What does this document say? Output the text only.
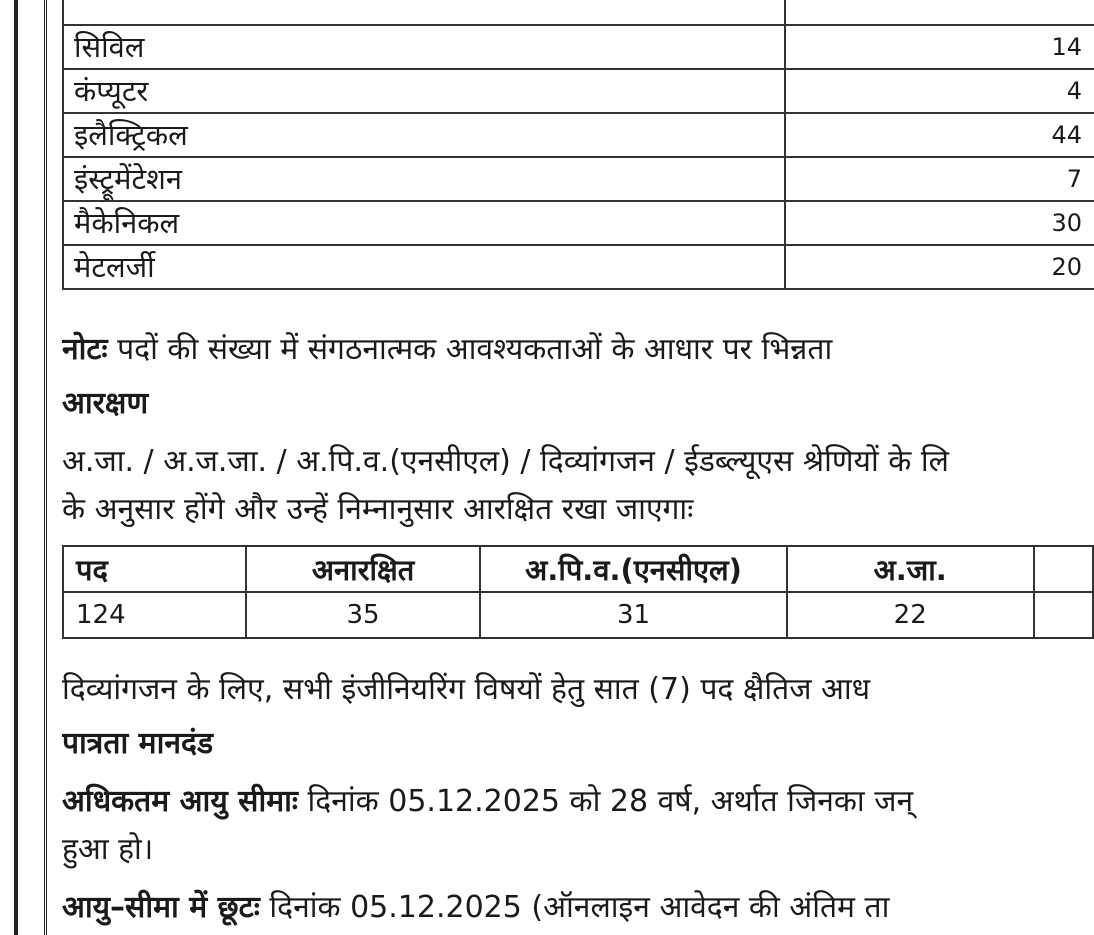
सिविल	14
कंप्यूटर	4
इलैक्ट्रिकल	44
इंस्ट्रूमेंटेशन	7
मैकेनिकल	30
मेटलर्जी	20
नोटः पदों की संख्या में संगठनात्मक आवश्यकताओं के आधार पर भिन्नता
आरक्षण
अ.जा. / अ.ज.जा. / अ.पि.व.(एनसीएल) / दिव्यांगजन / ईडब्ल्यूएस श्रेणियों के लि
के अनुसार होंगे और उन्हें निम्नानुसार आरक्षित रखा जाएगाः
पद	अनारक्षित	अ.पि.व.(एनसीएल)	अ.जा.	
124	35	31	22	
दिव्यांगजन के लिए, सभी इंजीनियरिंग विषयों हेतु सात (7) पद क्षैतिज आध
पात्रता मानदंड
अधिकतम आयु सीमाः दिनांक 05.12.2025 को 28 वर्ष, अर्थात जिनका जन्
हुआ हो।
आयु–सीमा में छूटः दिनांक 05.12.2025 (ऑनलाइन आवेदन की अंतिम ता
